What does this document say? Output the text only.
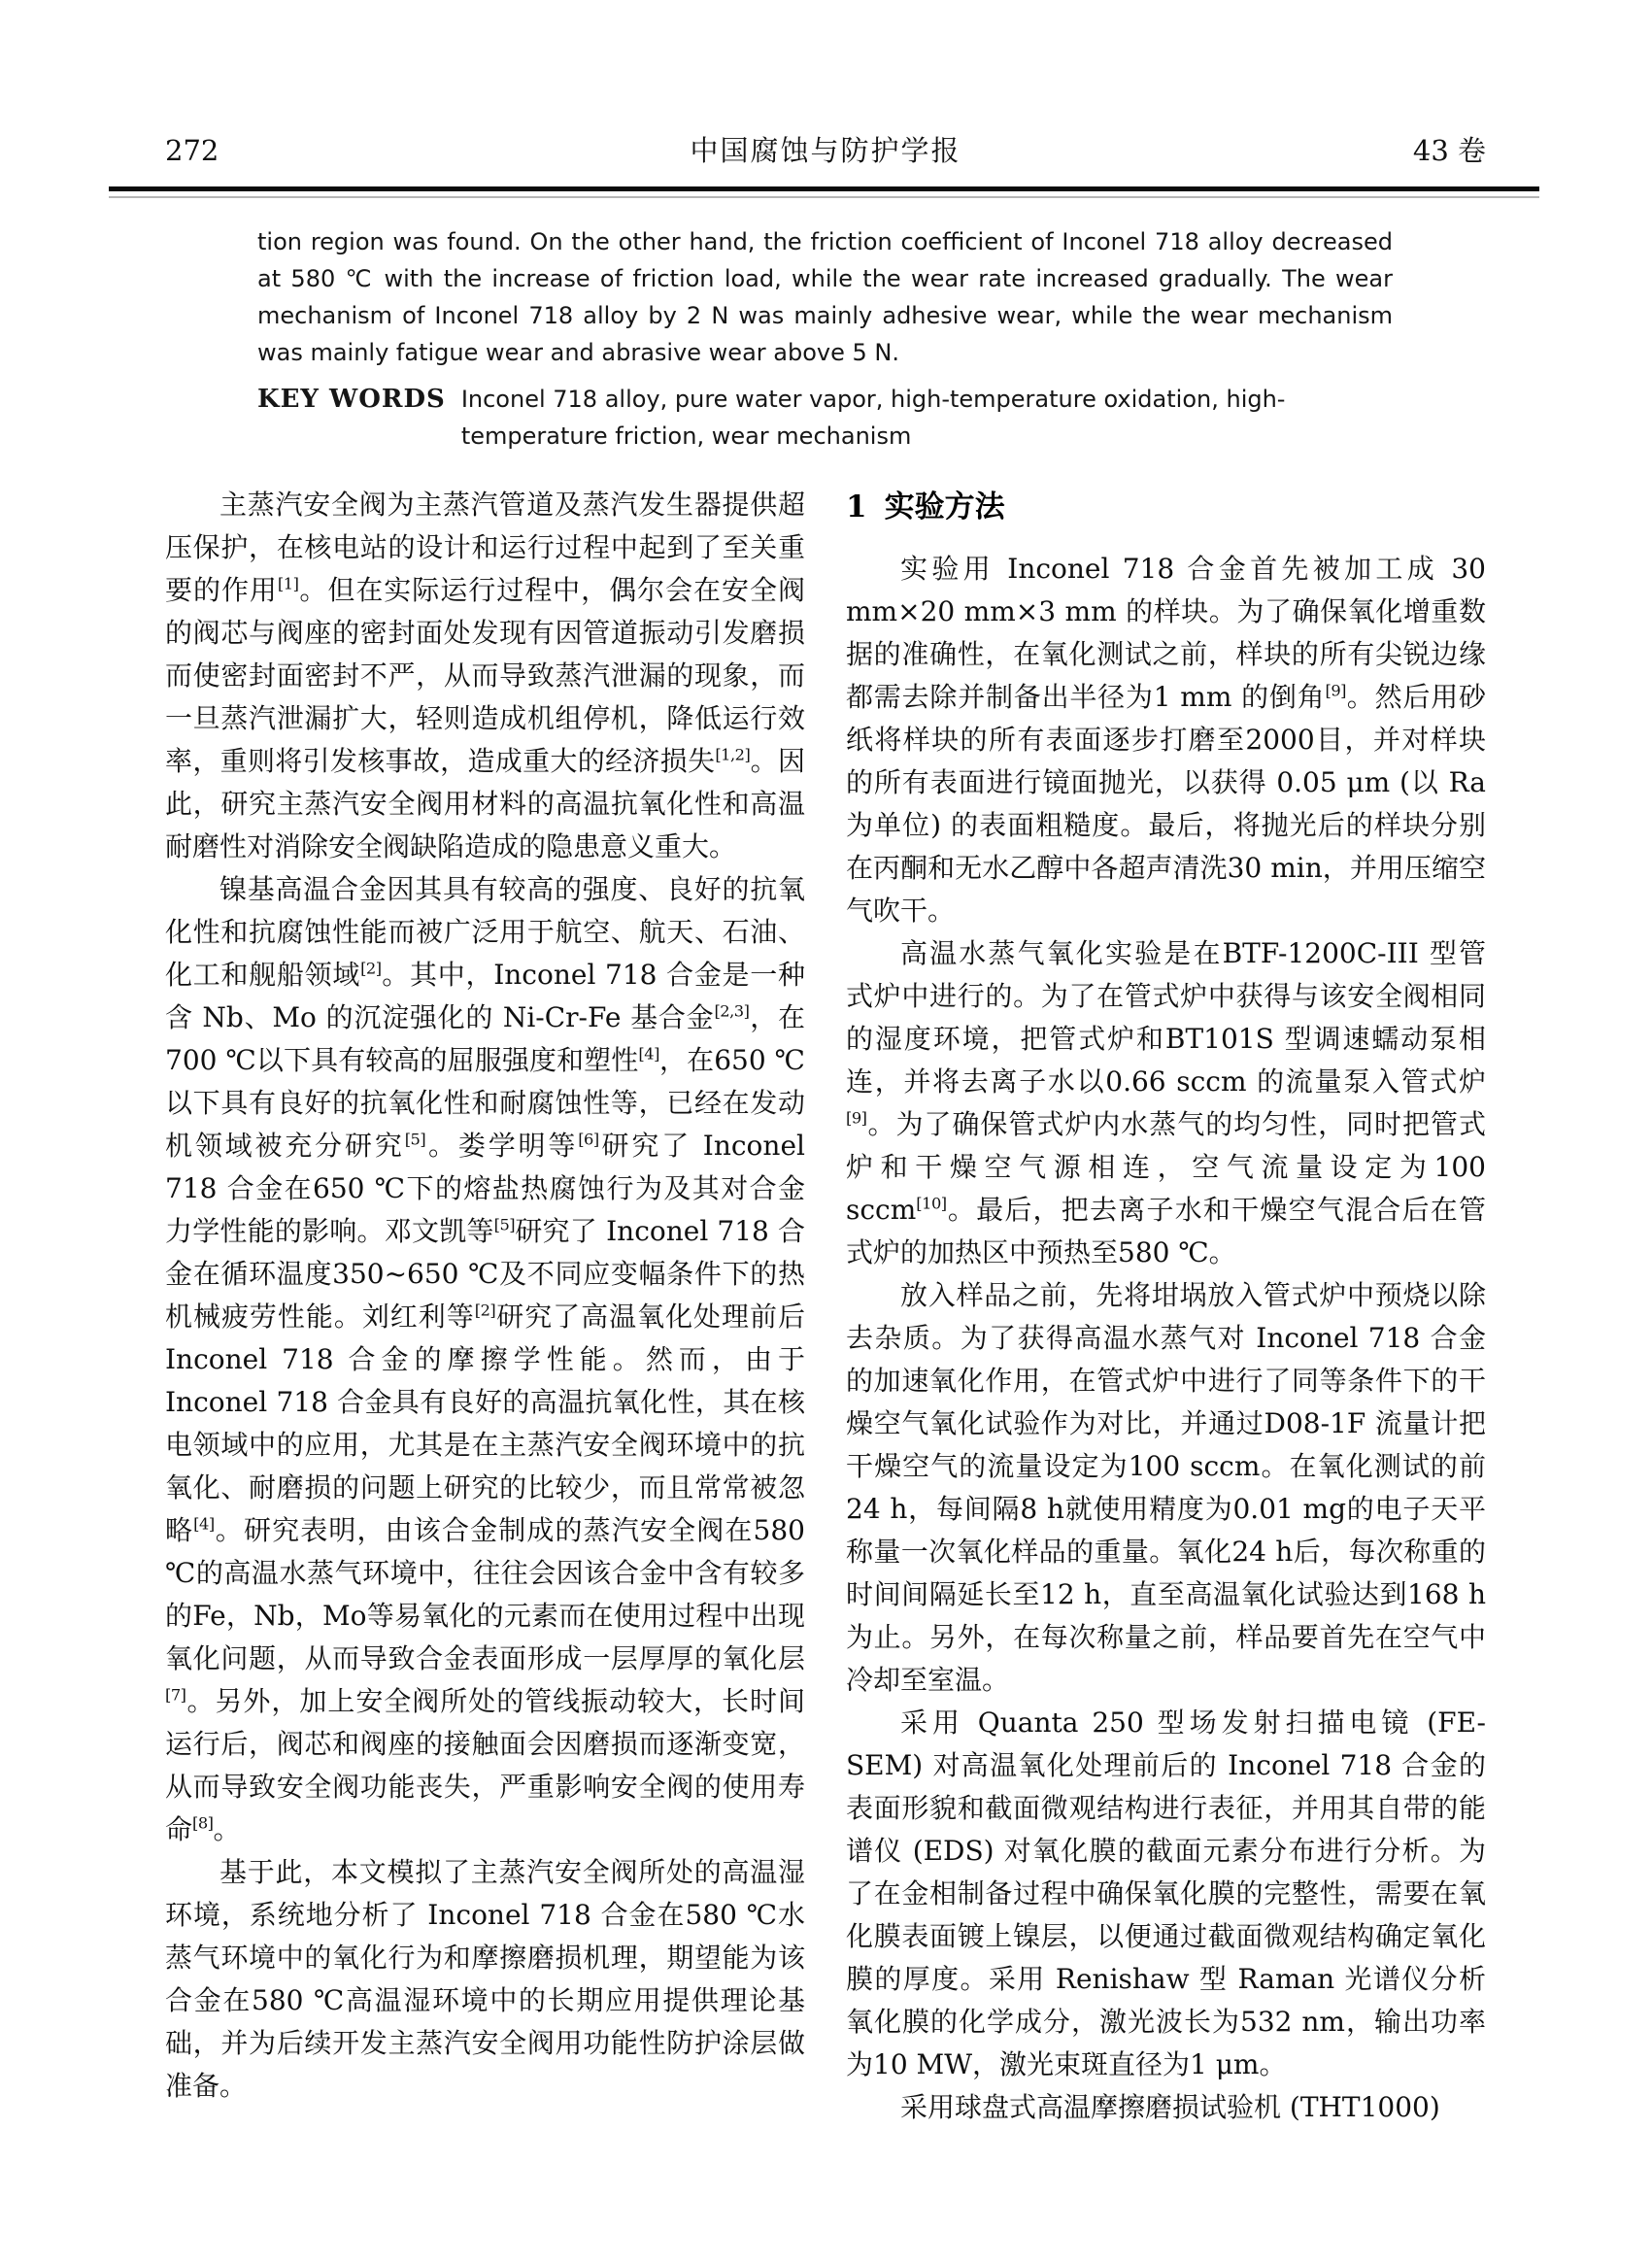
272	中国腐蚀与防护学报	43 卷
tion region was found. On the other hand, the friction coefficient of Inconel 718 alloy decreased at 580 ℃ with the increase of friction load, while the wear rate increased gradually. The wear mechanism of Inconel 718 alloy by 2 N was mainly adhesive wear, while the wear mechanism was mainly fatigue wear and abrasive wear above 5 N.
KEY WORDS Inconel 718 alloy, pure water vapor, high-temperature oxidation, high-temperature friction, wear mechanism

主蒸汽安全阀为主蒸汽管道及蒸汽发生器提供超压保护，在核电站的设计和运行过程中起到了至关重要的作用[1]。但在实际运行过程中，偶尔会在安全阀的阀芯与阀座的密封面处发现有因管道振动引发磨损而使密封面密封不严，从而导致蒸汽泄漏的现象，而一旦蒸汽泄漏扩大，轻则造成机组停机，降低运行效率，重则将引发核事故，造成重大的经济损失[1,2]。因此，研究主蒸汽安全阀用材料的高温抗氧化性和高温耐磨性对消除安全阀缺陷造成的隐患意义重大。

镍基高温合金因其具有较高的强度、良好的抗氧化性和抗腐蚀性能而被广泛用于航空、航天、石油、化工和舰船领域[2]。其中，Inconel 718 合金是一种含 Nb、Mo 的沉淀强化的 Ni-Cr-Fe 基合金[2,3]，在700 ℃以下具有较高的屈服强度和塑性[4]，在650 ℃以下具有良好的抗氧化性和耐腐蚀性等，已经在发动机领域被充分研究[5]。娄学明等[6]研究了 Inconel 718 合金在650 ℃下的熔盐热腐蚀行为及其对合金力学性能的影响。邓文凯等[5]研究了 Inconel 718 合金在循环温度350~650 ℃及不同应变幅条件下的热机械疲劳性能。刘红利等[2]研究了高温氧化处理前后 Inconel 718 合金的摩擦学性能。然而，由于 Inconel 718 合金具有良好的高温抗氧化性，其在核电领域中的应用，尤其是在主蒸汽安全阀环境中的抗氧化、耐磨损的问题上研究的比较少，而且常常被忽略[4]。研究表明，由该合金制成的蒸汽安全阀在580 ℃的高温水蒸气环境中，往往会因该合金中含有较多的Fe，Nb，Mo等易氧化的元素而在使用过程中出现氧化问题，从而导致合金表面形成一层厚厚的氧化层[7]。另外，加上安全阀所处的管线振动较大，长时间运行后，阀芯和阀座的接触面会因磨损而逐渐变宽，从而导致安全阀功能丧失，严重影响安全阀的使用寿命[8]。

基于此，本文模拟了主蒸汽安全阀所处的高温湿环境，系统地分析了 Inconel 718 合金在580 ℃水蒸气环境中的氧化行为和摩擦磨损机理，期望能为该合金在580 ℃高温湿环境中的长期应用提供理论基础，并为后续开发主蒸汽安全阀用功能性防护涂层做准备。

1 实验方法

实验用 Inconel 718 合金首先被加工成 30 mm×20 mm×3 mm 的样块。为了确保氧化增重数据的准确性，在氧化测试之前，样块的所有尖锐边缘都需去除并制备出半径为1 mm 的倒角[9]。然后用砂纸将样块的所有表面逐步打磨至2000目，并对样块的所有表面进行镜面抛光，以获得 0.05 μm (以 Ra 为单位) 的表面粗糙度。最后，将抛光后的样块分别在丙酮和无水乙醇中各超声清洗30 min，并用压缩空气吹干。

高温水蒸气氧化实验是在BTF-1200C-III 型管式炉中进行的。为了在管式炉中获得与该安全阀相同的湿度环境，把管式炉和BT101S 型调速蠕动泵相连，并将去离子水以0.66 sccm 的流量泵入管式炉[9]。为了确保管式炉内水蒸气的均匀性，同时把管式炉和干燥空气源相连，空气流量设定为100 sccm[10]。最后，把去离子水和干燥空气混合后在管式炉的加热区中预热至580 ℃。

放入样品之前，先将坩埚放入管式炉中预烧以除去杂质。为了获得高温水蒸气对 Inconel 718 合金的加速氧化作用，在管式炉中进行了同等条件下的干燥空气氧化试验作为对比，并通过D08-1F 流量计把干燥空气的流量设定为100 sccm。在氧化测试的前24 h，每间隔8 h就使用精度为0.01 mg的电子天平称量一次氧化样品的重量。氧化24 h后，每次称重的时间间隔延长至12 h，直至高温氧化试验达到168 h为止。另外，在每次称量之前，样品要首先在空气中冷却至室温。

采用 Quanta 250 型场发射扫描电镜 (FE-SEM) 对高温氧化处理前后的 Inconel 718 合金的表面形貌和截面微观结构进行表征，并用其自带的能谱仪 (EDS) 对氧化膜的截面元素分布进行分析。为了在金相制备过程中确保氧化膜的完整性，需要在氧化膜表面镀上镍层，以便通过截面微观结构确定氧化膜的厚度。采用 Renishaw 型 Raman 光谱仪分析氧化膜的化学成分，激光波长为532 nm，输出功率为10 MW，激光束斑直径为1 μm。

采用球盘式高温摩擦磨损试验机 (THT1000)
